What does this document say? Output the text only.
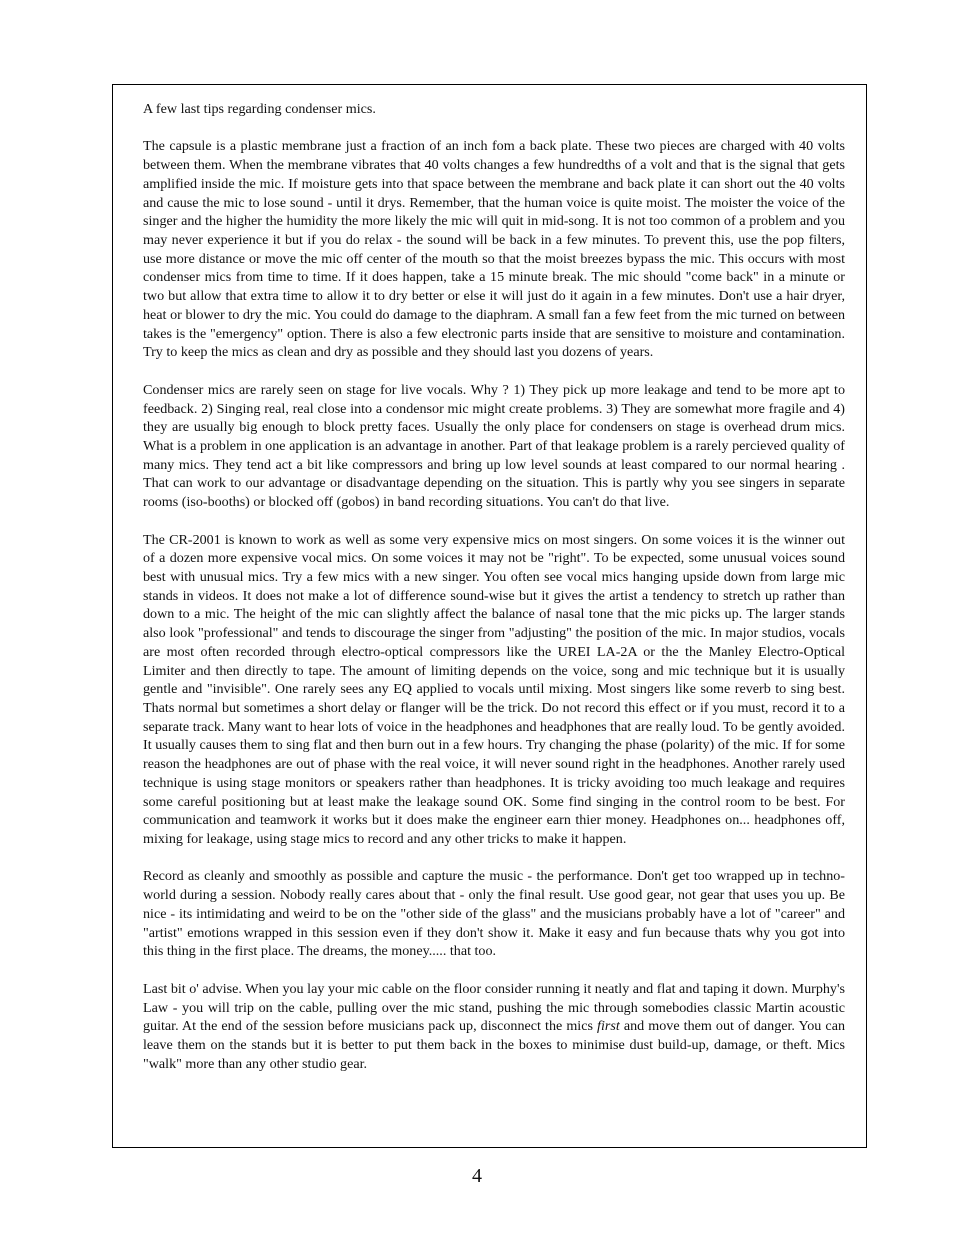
A few last tips regarding condenser mics.

The capsule is a plastic membrane just a fraction of an inch fom a back plate. These two pieces are charged with 40 volts between them. When the membrane vibrates that 40 volts changes a few hundredths of a volt and that is the signal that gets amplified inside the mic. If moisture gets into that space between the membrane and back plate it can short out the 40 volts and cause the mic to lose sound - until it drys. Remember, that the human voice is quite moist. The moister the voice of the singer and the higher the humidity the more likely the mic will quit in mid-song. It is not too common of a problem and you may never experience it but if you do relax - the sound will be back in a few minutes. To prevent this, use the pop filters, use more distance or move the mic off center of the mouth so that the moist breezes bypass the mic. This occurs with most condenser mics from time to time. If it does happen, take a 15 minute break. The mic should "come back" in a minute or two but allow that extra time to allow it to dry better or else it will just do it again in a few minutes. Don't use a hair dryer, heat or blower to dry the mic. You could do damage to the diaphram. A small fan a few feet from the mic turned on between takes is the "emergency" option. There is also a few electronic parts inside that are sensitive to moisture and contamination. Try to keep the mics as clean and dry as possible and they should last you dozens of years.

Condenser mics are rarely seen on stage for live vocals. Why ? 1) They pick up more leakage and tend to be more apt to feedback. 2) Singing real, real close into a condensor mic might create problems. 3) They are somewhat more fragile and 4) they are usually big enough to block pretty faces. Usually the only place for condensers on stage is overhead drum mics. What is a problem in one application is an advantage in another. Part of that leakage problem is a rarely percieved quality of many mics. They tend act a bit like compressors and bring up low level sounds at least compared to our normal hearing . That can work to our advantage or disadvantage depending on the situation. This is partly why you see singers in separate rooms (iso-booths) or blocked off (gobos) in band recording situations. You can't do that live.

The CR-2001 is known to work as well as some very expensive mics on most singers. On some voices it is the winner out of a dozen more expensive vocal mics. On some voices it may not be "right". To be expected, some unusual voices sound best with unusual mics. Try a few mics with a new singer. You often see vocal mics hanging upside down from large mic stands in videos. It does not make a lot of difference sound-wise but it gives the artist a tendency to stretch up rather than down to a mic. The height of the mic can slightly affect the balance of nasal tone that the mic picks up. The larger stands also look "professional" and tends to discourage the singer from "adjusting" the position of the mic. In major studios, vocals are most often recorded through electro-optical compressors like the UREI LA-2A or the the Manley Electro-Optical Limiter and then directly to tape. The amount of limiting depends on the voice, song and mic technique but it is usually gentle and "invisible". One rarely sees any EQ applied to vocals until mixing. Most singers like some reverb to sing best. Thats normal but sometimes a short delay or flanger will be the trick. Do not record this effect or if you must, record it to a separate track. Many want to hear lots of voice in the headphones and headphones that are really loud. To be gently avoided. It usually causes them to sing flat and then burn out in a few hours. Try changing the phase (polarity) of the mic. If for some reason the headphones are out of phase with the real voice, it will never sound right in the headphones. Another rarely used technique is using stage monitors or speakers rather than headphones. It is tricky avoiding too much leakage and requires some careful positioning but at least make the leakage sound OK. Some find singing in the control room to be best. For communication and teamwork it works but it does make the engineer earn thier money. Headphones on... headphones off, mixing for leakage, using stage mics to record and any other tricks to make it happen.

Record as cleanly and smoothly as possible and capture the music - the performance. Don't get too wrapped up in techno-world during a session. Nobody really cares about that - only the final result. Use good gear, not gear that uses you up. Be nice - its intimidating and weird to be on the "other side of the glass" and the musicians probably have a lot of "career" and "artist" emotions wrapped in this session even if they don't show it. Make it easy and fun because thats why you got into this thing in the first place. The dreams, the money..... that too.

Last bit o' advise. When you lay your mic cable on the floor consider running it neatly and flat and taping it down. Murphy's Law - you will trip on the cable, pulling over the mic stand, pushing the mic through somebodies classic Martin acoustic guitar. At the end of the session before musicians pack up, disconnect the mics first and move them out of danger. You can leave them on the stands but it is better to put them back in the boxes to minimise dust build-up, damage, or theft. Mics "walk" more than any other studio gear.

4
